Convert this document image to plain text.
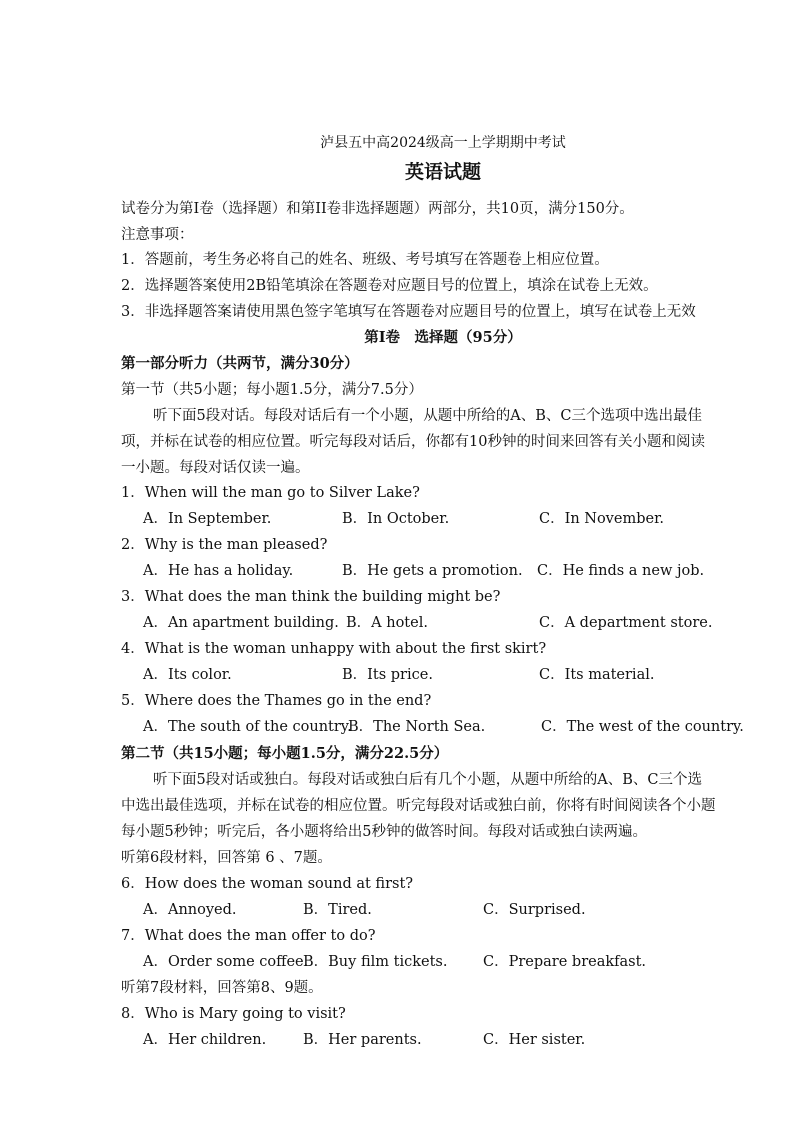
泸县五中高2024级高一上学期期中考试
英语试题
试卷分为第I卷（选择题）和第II卷非选择题题）两部分，共10页，满分150分。
注意事项：
1．答题前，考生务必将自己的姓名、班级、考号填写在答题卷上相应位置。
2．选择题答案使用2B铅笔填涂在答题卷对应题目号的位置上，填涂在试卷上无效。
3．非选择题答案请使用黑色签字笔填写在答题卷对应题目号的位置上，填写在试卷上无效
第I卷　选择题（95分）
第一部分听力（共两节，满分30分）
第一节（共5小题；每小题1.5分，满分7.5分）
听下面5段对话。每段对话后有一个小题，从题中所给的A、B、C三个选项中选出最佳
项，并标在试卷的相应位置。听完每段对话后，你都有10秒钟的时间来回答有关小题和阅读
一小题。每段对话仅读一遍。
1．When will the man go to Silver Lake?
A．In September.	B．In October.	C．In November.
2．Why is the man pleased?
A．He has a holiday.	B．He gets a promotion. C．He finds a new job.
3．What does the man think the building might be?
A．An apartment building. B．A hotel.	C．A department store.
4．What is the woman unhappy with about the first skirt?
A．Its color.	B．Its price.	C．Its material.
5．Where does the Thames go in the end?
A．The south of the country.
B．The North Sea.	C．The west of the country.
第二节（共15小题；每小题1.5分，满分22.5分）
听下面5段对话或独白。每段对话或独白后有几个小题，从题中所给的A、B、C三个选
中选出最佳选项，并标在试卷的相应位置。听完每段对话或独白前，你将有时间阅读各个小题
每小题5秒钟；听完后，各小题将给出5秒钟的做答时间。每段对话或独白读两遍。
听第6段材料，回答第 6 、7题。
6．How does the woman sound at first?
A．Annoyed.	B．Tired.	C．Surprised.
7．What does the man offer to do?
A．Order some coffee.
B．Buy film tickets. C．Prepare breakfast.
听第7段材料，回答第8、9题。
8．Who is Mary going to visit?
A．Her children.	B．Her parents.	C．Her sister.
